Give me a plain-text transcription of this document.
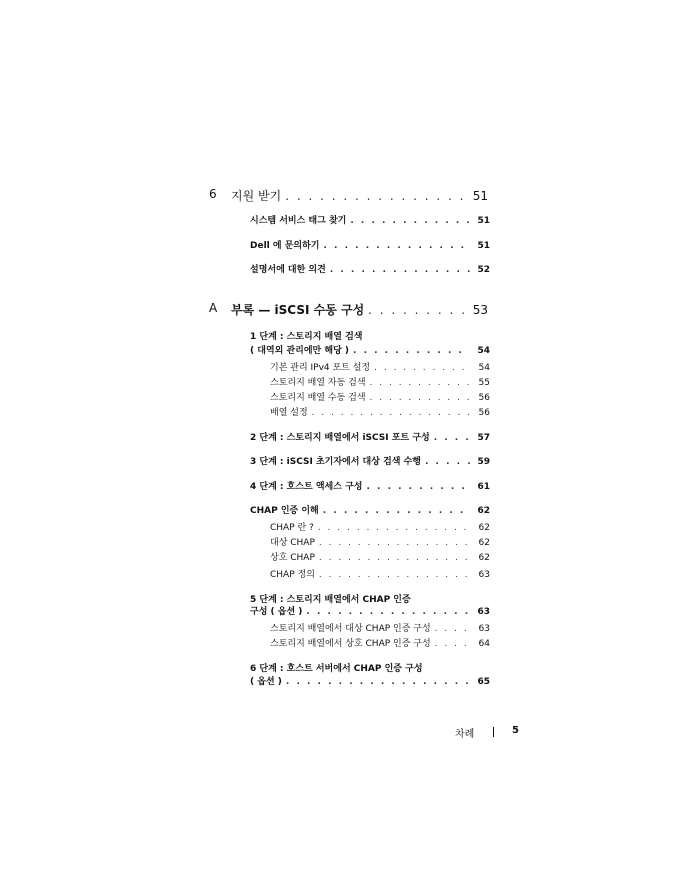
6 지원 받기 . . .	51
시스템 서비스 태그 찾기 . . .	51
Dell 에 문의하기 . . .	51
설명서에 대한 의견 . . .	52
A 부록 — iSCSI 수동 구성 . . .	53
1 단계 : 스토리지 배열 검색
( 대역외 관리에만 해당 ) . . .	54
기본 관리 IPv4 포트 설정 . . .	54
스토리지 배열 자동 검색 . . .	55
스토리지 배열 수동 검색 . . .	56
배열 설정 . . .	56
2 단계 : 스토리지 배열에서 iSCSI 포트 구성 . . .	57
3 단계 : iSCSI 초기자에서 대상 검색 수행 . . .	59
4 단계 : 호스트 액세스 구성 . . .	61
CHAP 인증 이해 . . .	62
CHAP 란 ? . . .	62
대상 CHAP . . .	62
상호 CHAP . . .	62
CHAP 정의 . . .	63
5 단계 : 스토리지 배열에서 CHAP 인증
구성 ( 옵션 ) . . .	63
스토리지 배열에서 대상 CHAP 인증 구성 . . .	63
스토리지 배열에서 상호 CHAP 인증 구성 . . .	64
6 단계 : 호스트 서버에서 CHAP 인증 구성
( 옵션 ) . . .	65
차례	5
